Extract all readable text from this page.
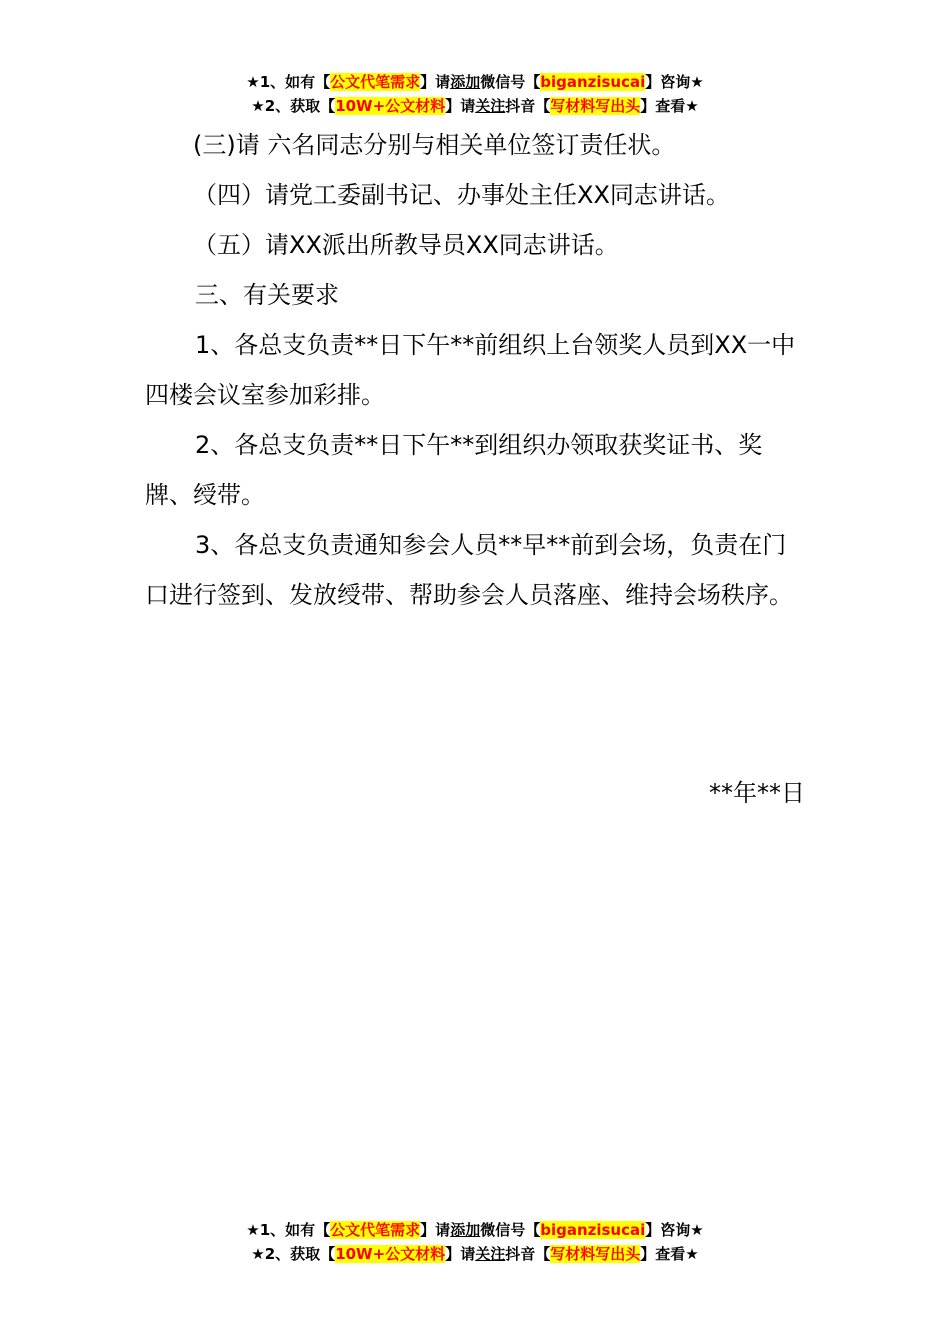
★1、如有【公文代笔需求】请添加微信号【biganzisucai】咨询★
★2、获取【10W+公文材料】请关注抖音【写材料写出头】查看★

(三)请 六名同志分别与相关单位签订责任状。

（四）请党工委副书记、办事处主任XX同志讲话。

（五）请XX派出所教导员XX同志讲话。

三、有关要求

1、各总支负责**日下午**前组织上台领奖人员到XX一中四楼会议室参加彩排。

2、各总支负责**日下午**到组织办领取获奖证书、奖牌、绶带。

3、各总支负责通知参会人员**早**前到会场，负责在门口进行签到、发放绶带、帮助参会人员落座、维持会场秩序。

**年**日
★1、如有【公文代笔需求】请添加微信号【biganzisucai】咨询★
★2、获取【10W+公文材料】请关注抖音【写材料写出头】查看★
